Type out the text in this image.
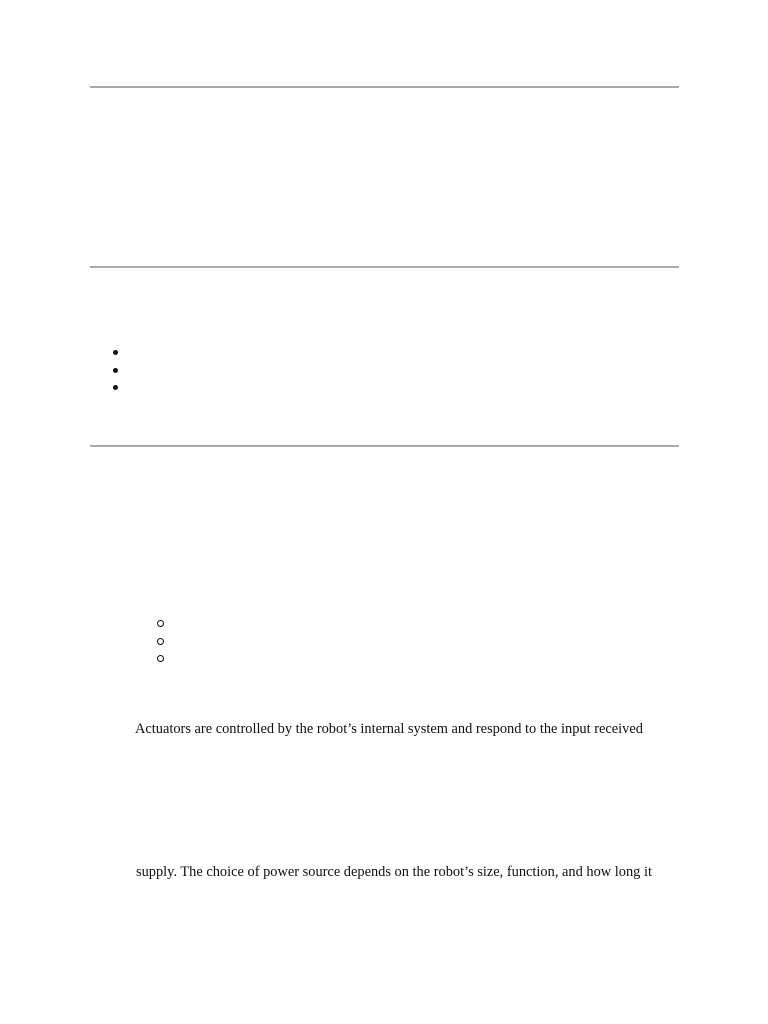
Actuators are controlled by the robot’s internal system and respond to the input received

supply. The choice of power source depends on the robot’s size, function, and how long it
